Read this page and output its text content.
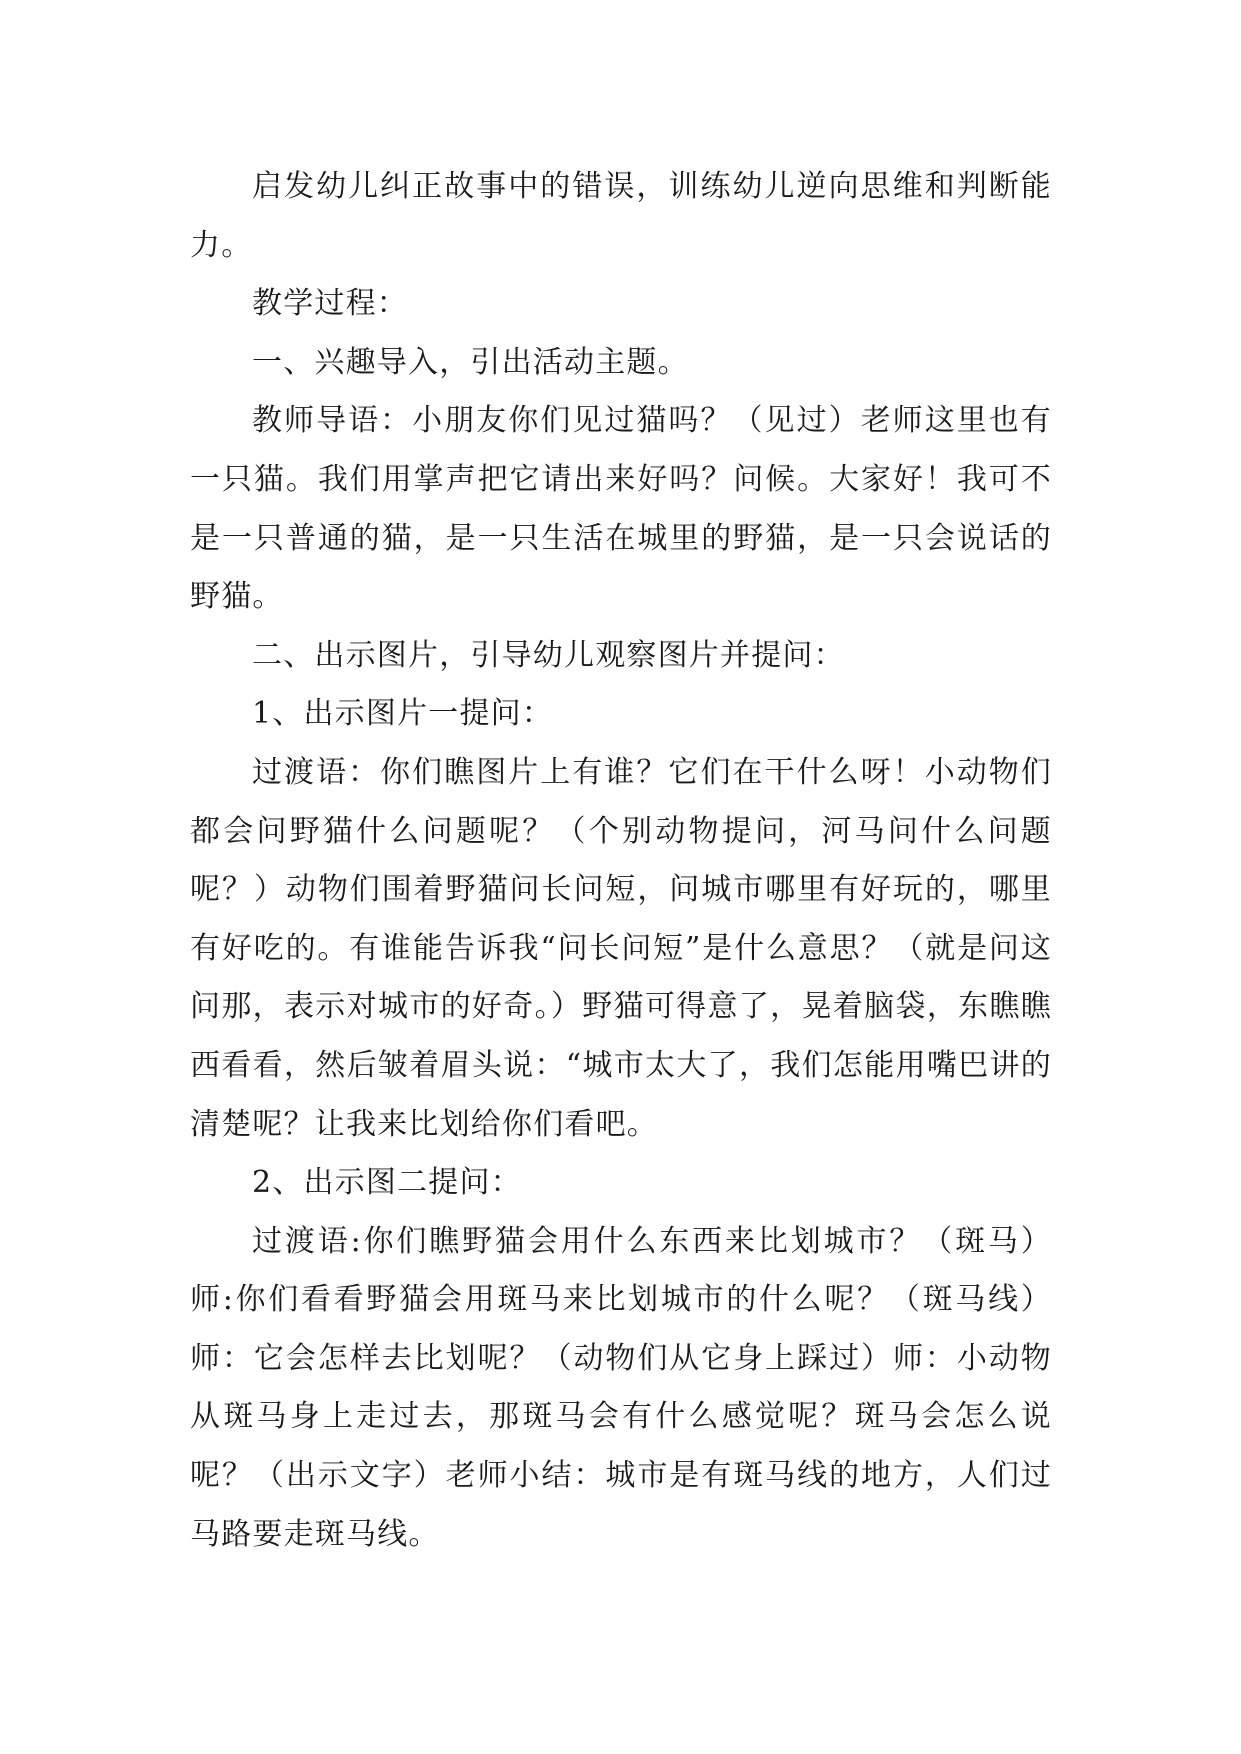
启发幼儿纠正故事中的错误，训练幼儿逆向思维和判断能力。

教学过程：

一、兴趣导入，引出活动主题。

教师导语：小朋友你们见过猫吗？（见过）老师这里也有一只猫。我们用掌声把它请出来好吗？问候。大家好！我可不是一只普通的猫，是一只生活在城里的野猫，是一只会说话的野猫。

二、出示图片，引导幼儿观察图片并提问：

1、出示图片一提问：

过渡语：你们瞧图片上有谁？它们在干什么呀！小动物们都会问野猫什么问题呢？（个别动物提问，河马问什么问题呢？）动物们围着野猫问长问短，问城市哪里有好玩的，哪里有好吃的。有谁能告诉我“问长问短”是什么意思？（就是问这问那，表示对城市的好奇。）野猫可得意了，晃着脑袋，东瞧瞧西看看，然后皱着眉头说：“城市太大了，我们怎能用嘴巴讲的清楚呢？让我来比划给你们看吧。

2、出示图二提问：

过渡语:你们瞧野猫会用什么东西来比划城市？（斑马）师:你们看看野猫会用斑马来比划城市的什么呢？（斑马线）师：它会怎样去比划呢？（动物们从它身上踩过）师：小动物从斑马身上走过去，那斑马会有什么感觉呢？斑马会怎么说呢？（出示文字）老师小结：城市是有斑马线的地方，人们过马路要走斑马线。
